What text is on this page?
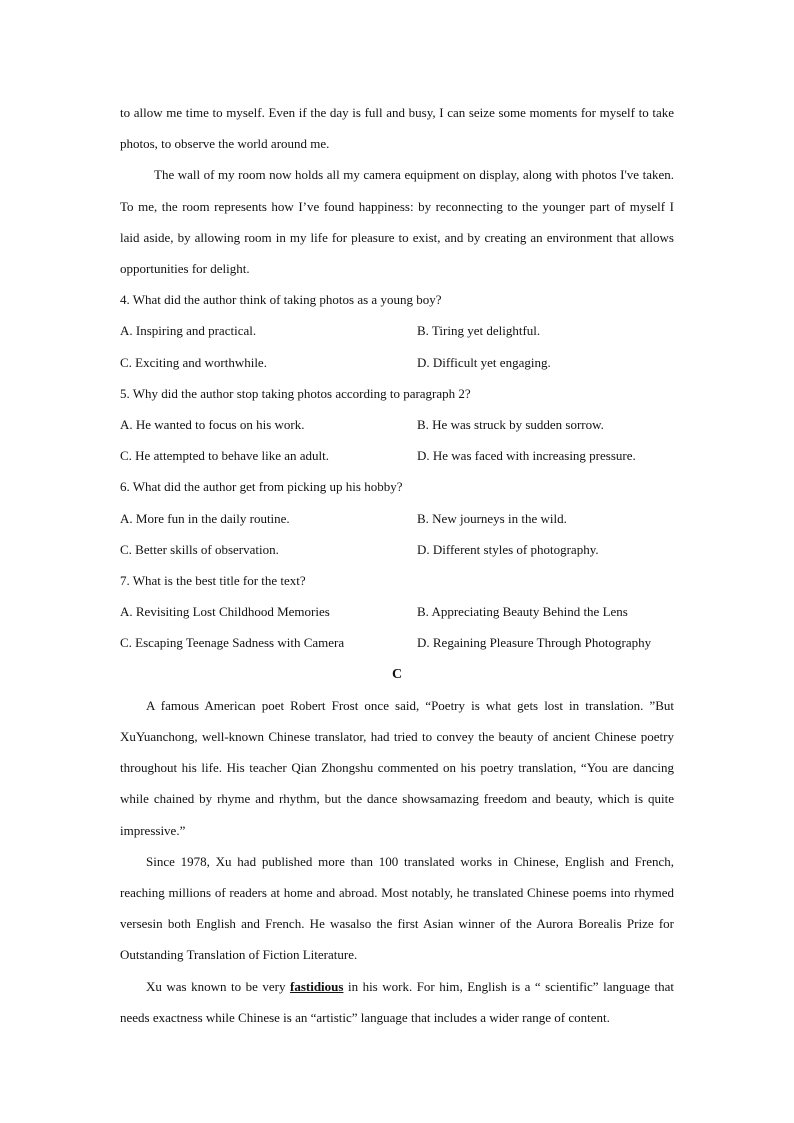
to allow me time to myself. Even if the day is full and busy, I can seize some moments for myself to take photos, to observe the world around me.

The wall of my room now holds all my camera equipment on display, along with photos I've taken. To me, the room represents how I’ve found happiness: by reconnecting to the younger part of myself I laid aside, by allowing room in my life for pleasure to exist, and by creating an environment that allows opportunities for delight.

4. What did the author think of taking photos as a young boy?

A. Inspiring and practical.	B. Tiring yet delightful.
C. Exciting and worthwhile.	D. Difficult yet engaging.

5. Why did the author stop taking photos according to paragraph 2?

A. He wanted to focus on his work.	B. He was struck by sudden sorrow.
C. He attempted to behave like an adult.	D. He was faced with increasing pressure.

6. What did the author get from picking up his hobby?

A. More fun in the daily routine.	B. New journeys in the wild.
C. Better skills of observation.	D. Different styles of photography.

7. What is the best title for the text?

A. Revisiting Lost Childhood Memories	B. Appreciating Beauty Behind the Lens
C. Escaping Teenage Sadness with Camera	D. Regaining Pleasure Through Photography

C

A famous American poet Robert Frost once said, “Poetry is what gets lost in translation. ”But XuYuanchong, well-known Chinese translator, had tried to convey the beauty of ancient Chinese poetry throughout his life. His teacher Qian Zhongshu commented on his poetry translation, “You are dancing while chained by rhyme and rhythm, but the dance showsamazing freedom and beauty, which is quite impressive.”

Since 1978, Xu had published more than 100 translated works in Chinese, English and French, reaching millions of readers at home and abroad. Most notably, he translated Chinese poems into rhymed versesin both English and French. He wasalso the first Asian winner of the Aurora Borealis Prize for Outstanding Translation of Fiction Literature.

Xu was known to be very fastidious in his work. For him, English is a “ scientific” language that needs exactness while Chinese is an “artistic” language that includes a wider range of content.
